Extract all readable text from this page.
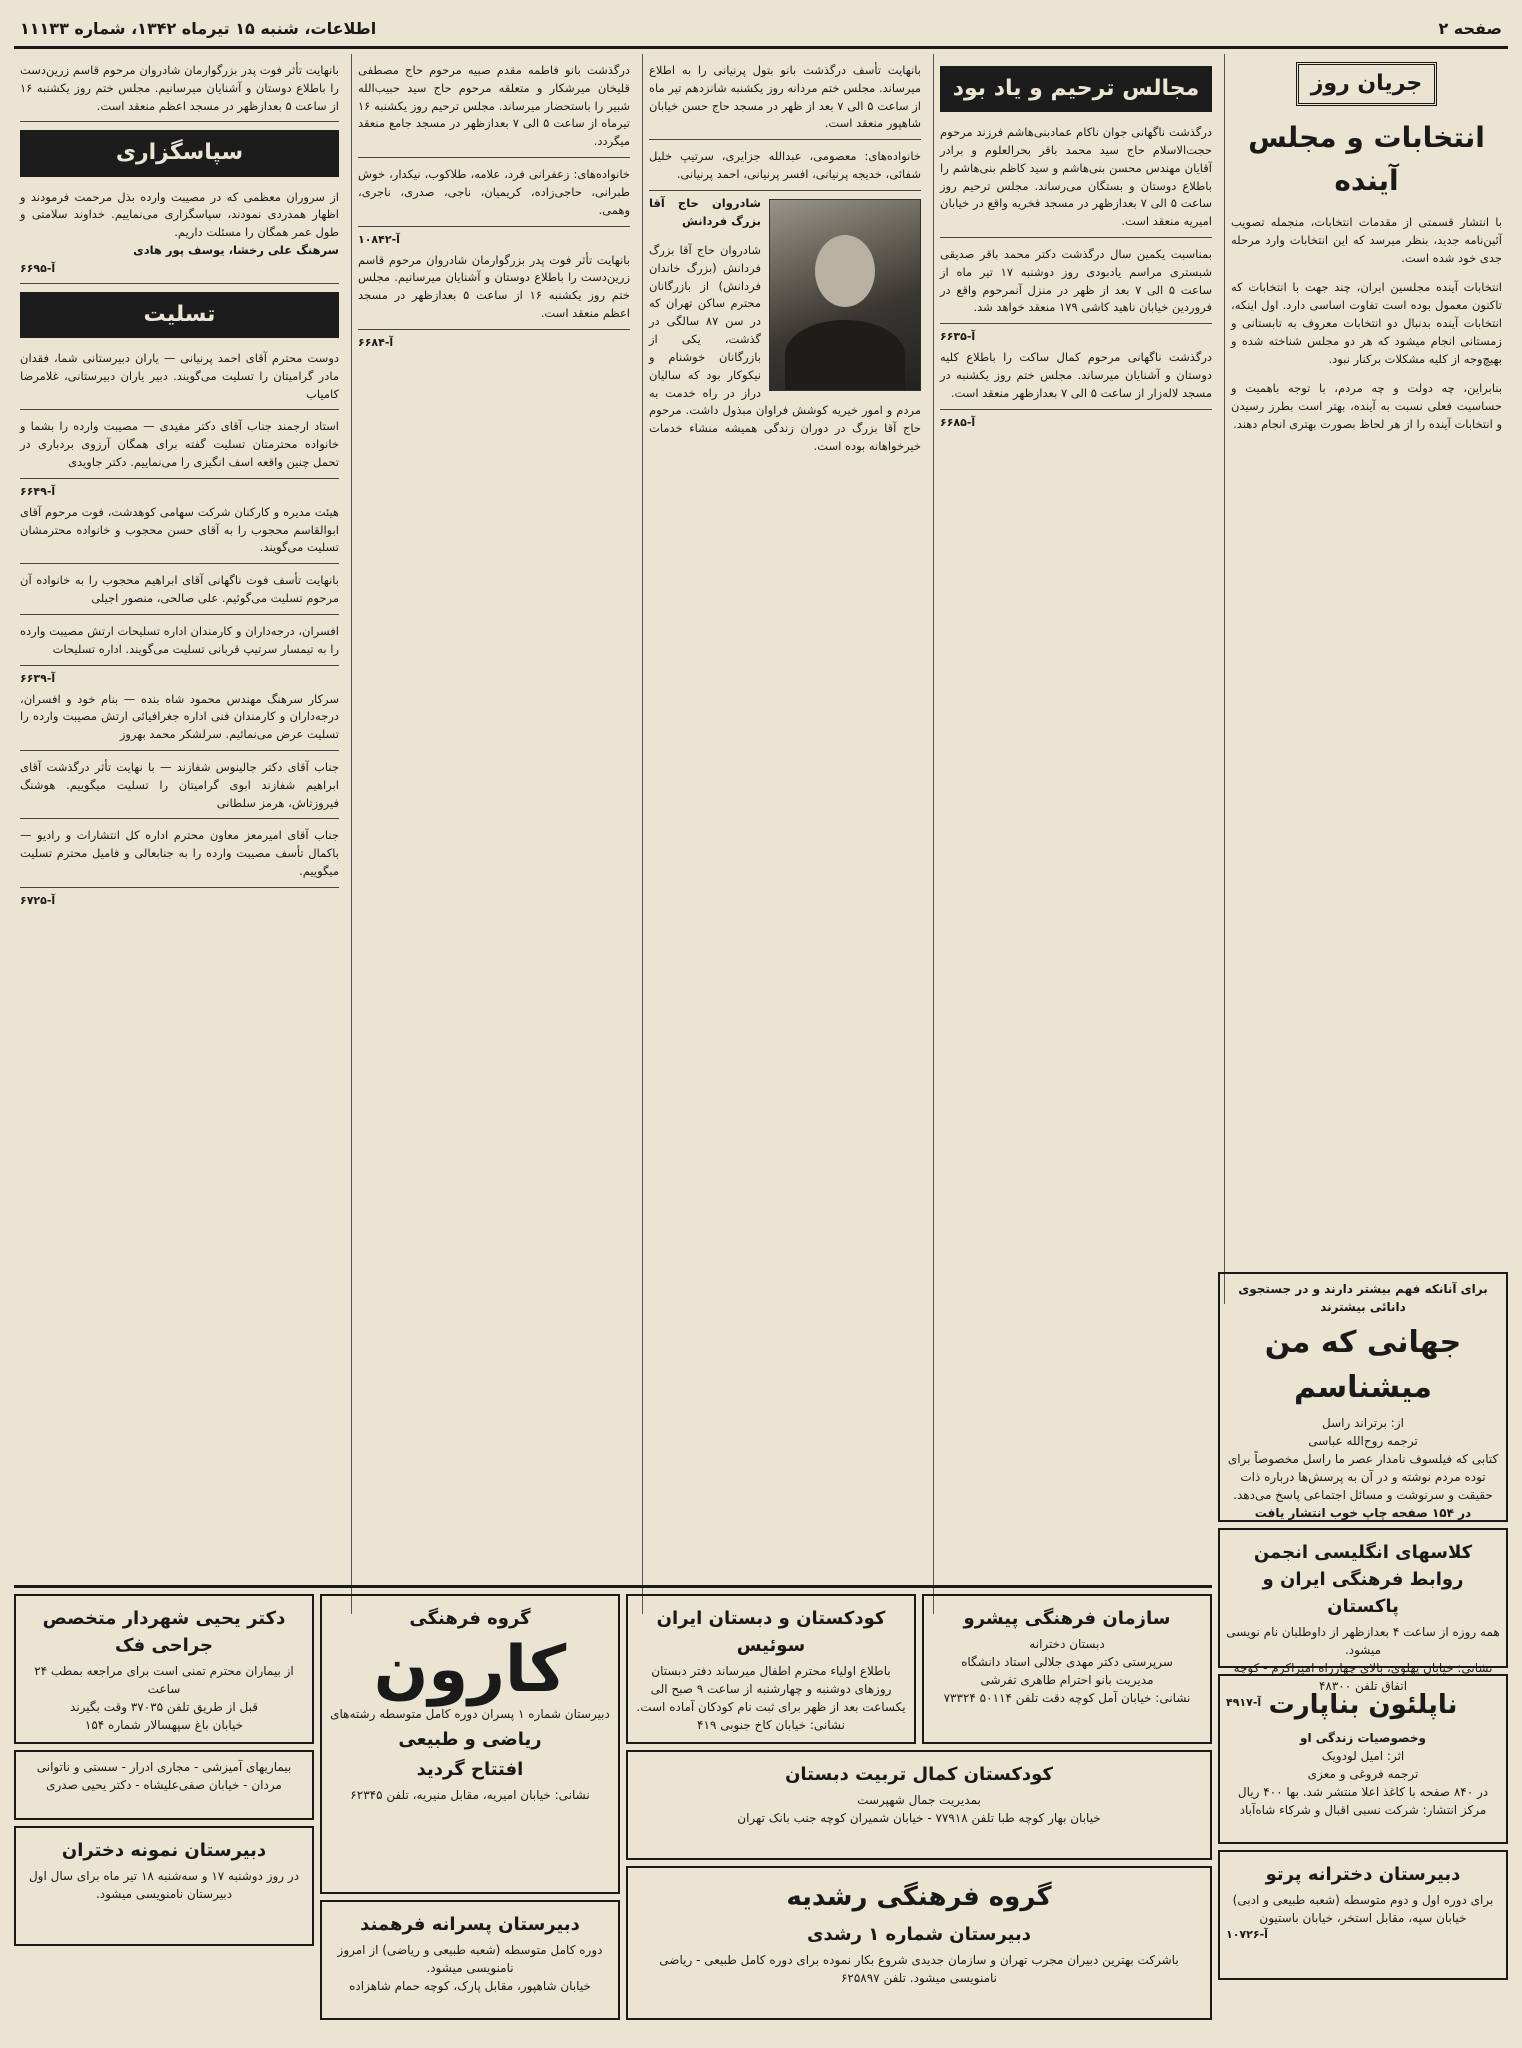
صفحه ۲
اطلاعات، شنبه ۱۵ تیرماه ۱۳۴۲، شماره ۱۱۱۳۳
جریان روز
انتخابات و مجلس آینده

با انتشار قسمتی از مقدمات انتخابات، منجمله تصویب آئین‌نامه جدید، بنظر میرسد که این انتخابات وارد مرحله جدی خود شده است.

انتخابات آینده مجلسین ایران، چند جهت با انتخابات که تاکنون معمول بوده است تفاوت اساسی دارد. اول اینکه، انتخابات آینده بدنبال دو انتخابات معروف به تابستانی و زمستانی انجام میشود که هر دو مجلس شناخته شده و بهیچ‌وجه از کلیه مشکلات برکنار نبود.

بنابراین، چه دولت و چه مردم، با توجه باهمیت و حساسیت فعلی نسبت به آینده، بهتر است بطرز رسیدن و انتخابات آینده را از هر لحاظ بصورت بهتری انجام دهند.

مجالس ترحیم و یاد بود
درگذشت ناگهانی جوان ناکام عمادبنی‌هاشم فرزند مرحوم حجت‌الاسلام حاج سید محمد باقر بحرالعلوم و برادر آقایان مهندس محسن بنی‌هاشم و سید کاظم بنی‌هاشم را باطلاع دوستان و بستگان می‌رساند. مجلس ترحیم روز ساعت ۵ الی ۷ بعدازظهر در مسجد فخریه واقع در خیابان امیریه منعقد است.
بمناسبت یکمین سال درگذشت دکتر محمد باقر صدیقی شبستری مراسم یادبودی روز دوشنبه ۱۷ تیر ماه از ساعت ۵ الی ۷ بعد از ظهر در منزل آنمرحوم واقع در فروردین خیابان ناهید کاشی ۱۷۹ منعقد خواهد شد.
آ-۶۶۳۵
درگذشت ناگهانی مرحوم کمال ساکت را باطلاع کلیه دوستان و آشنایان میرساند. مجلس ختم روز یکشنبه در مسجد لاله‌زار از ساعت ۵ الی ۷ بعدازظهر منعقد است.
آ-۶۶۸۵
بانهایت تأسف درگذشت بانو بتول پرنیانی را به اطلاع میرساند. مجلس ختم مردانه روز یکشنبه شانزدهم تیر ماه از ساعت ۵ الی ۷ بعد از ظهر در مسجد حاج حسن خیابان شاهپور منعقد است.
خانواده‌های: معصومی، عبدالله جزایری، سرتیپ خلیل شفائی، خدیجه پرنیانی، افسر پرنیانی، احمد پرنیانی.
شادروان حاج آقا بزرگ فردانش

شادروان حاج آقا بزرگ فردانش (بزرگ خاندان فردانش) از بازرگانان محترم ساکن تهران که در سن ۸۷ سالگی در گذشت، یکی از بازرگانان خوشنام و نیکوکار بود که سالیان دراز در راه خدمت به مردم و امور خیریه کوشش فراوان مبذول داشت. مرحوم حاج آقا بزرگ در دوران زندگی همیشه منشاء خدمات خیرخواهانه بوده است.

درگذشت بانو فاطمه مقدم صبیه مرحوم حاج مصطفی قلیخان میرشکار و متعلقه مرحوم حاج سید حبیب‌الله شبیر را باستحضار میرساند. مجلس ترحیم روز یکشنبه ۱۶ تیرماه از ساعت ۵ الی ۷ بعدازظهر در مسجد جامع منعقد میگردد.
خانواده‌های: زعفرانی فرد، علامه، طلاکوب، نیکدار، خوش طبرانی، حاجی‌زاده، کریمیان، ناجی، صدری، ناجری، وهمی.
آ-۱۰۸۴۲
بانهایت تأثر فوت پدر بزرگوارمان شادروان مرحوم قاسم زرین‌دست را باطلاع دوستان و آشنایان میرسانیم. مجلس ختم روز یکشنبه ۱۶ از ساعت ۵ بعدازظهر در مسجد اعظم منعقد است.
آ-۶۶۸۴
بانهایت تأثر فوت پدر بزرگوارمان شادروان مرحوم قاسم زرین‌دست را باطلاع دوستان و آشنایان میرسانیم. مجلس ختم روز یکشنبه ۱۶ از ساعت ۵ بعدازظهر در مسجد اعظم منعقد است.
سپاسگزاری
از سروران معظمی که در مصیبت وارده بذل مرحمت فرمودند و اظهار همدردی نمودند، سپاسگزاری می‌نماییم. خداوند سلامتی و طول عمر همگان را مسئلت داریم.
سرهنگ علی رخشا، یوسف پور هادی
آ-۶۶۹۵
تسلیت
دوست محترم آقای احمد پرنیانی — یاران دبیرستانی شما، فقدان مادر گرامیتان را تسلیت می‌گویند. دبیر یاران دبیرستانی، غلامرضا کامیاب
استاد ارجمند جناب آقای دکتر مفیدی — مصیبت وارده را بشما و خانواده محترمتان تسلیت گفته برای همگان آرزوی بردباری در تحمل چنین واقعه اسف انگیزی را می‌نماییم. دکتر جاویدی
آ-۶۶۴۹
هیئت مدیره و کارکنان شرکت سهامی کوهدشت، فوت مرحوم آقای ابوالقاسم محجوب را به آقای حسن محجوب و خانواده محترمشان تسلیت می‌گویند.
بانهایت تأسف فوت ناگهانی آقای ابراهیم محجوب را به خانواده آن مرحوم تسلیت می‌گوئیم. علی صالحی، منصور اجیلی
افسران، درجه‌داران و کارمندان اداره تسلیحات ارتش مصیبت وارده را به تیمسار سرتیپ قربانی تسلیت می‌گویند. اداره تسلیحات
آ-۶۶۳۹
سرکار سرهنگ مهندس محمود شاه بنده — بنام خود و افسران، درجه‌داران و کارمندان فنی اداره جغرافیائی ارتش مصیبت وارده را تسلیت عرض می‌نمائیم. سرلشکر محمد بهروز
جناب آقای دکتر جالینوس شفازند — با نهایت تأثر درگذشت آقای ابراهیم شفازند ابوی گرامیتان را تسلیت میگوییم. هوشنگ فیروزتاش، هرمز سلطانی
جناب آقای امیرمعز معاون محترم اداره کل انتشارات و رادیو — باکمال تأسف مصیبت وارده را به جنابعالی و فامیل محترم تسلیت میگوییم.
آ-۶۷۲۵
برای آنانکه فهم بیشتر دارند و در جستجوی دانائی بیشترند
جهانی که من میشناسم
از: برتراند راسل
ترجمه روح‌الله عباسی
کتابی که فیلسوف نامدار عصر ما راسل مخصوصاً برای توده مردم نوشته و در آن به پرسش‌ها درباره ذات حقیقت و سرنوشت و مسائل اجتماعی پاسخ می‌دهد.
در ۱۵۴ صفحه چاپ خوب انتشار یافت
کلاسهای انگلیسی انجمن روابط فرهنگی ایران و پاکستان
همه روزه از ساعت ۴ بعدازظهر از داوطلبان نام نویسی میشود.
نشانی: خیابان پهلوی، بالای چهارراه امیراکرم - کوچه اتفاق تلفن ۴۸۳۰۰
آ-۴۹۱۷ ناپلئون بناپارت
وخصوصیات زندگی او
اثر: امیل لودویک
ترجمه فروغی و معزی
در ۸۴۰ صفحه با کاغذ اعلا منتشر شد. بها ۴۰۰ ریال
مرکز انتشار: شرکت نسبی اقبال و شرکاء شاه‌آباد
دبیرستان دخترانه پرتو
برای دوره اول و دوم متوسطه (شعبه طبیعی و ادبی)
خیابان سپه، مقابل استخر، خیابان باستیون
آ-۱۰۷۲۶
سازمان فرهنگی پیشرو
دبستان دخترانه
سرپرستی دکتر مهدی جلالی استاد دانشگاه
مدیریت بانو احترام طاهری تفرشی
نشانی: خیابان آمل کوچه دقت تلفن ۵۰۱۱۴ ۷۳۳۲۴
کودکستان و دبستان ایران سوئیس
باطلاع اولیاء محترم اطفال میرساند دفتر دبستان روزهای دوشنبه و چهارشنبه از ساعت ۹ صبح الی یکساعت بعد از ظهر برای ثبت نام کودکان آماده است. نشانی: خیابان کاخ جنوبی ۴۱۹
گروه فرهنگی
کارون
دبیرستان شماره ۱ پسران دوره کامل متوسطه رشته‌های
ریاضی و طبیعی
افتتاح گردید
نشانی: خیابان امیریه، مقابل منیریه، تلفن ۶۲۳۴۵
دکتر یحیی شهردار متخصص جراحی فک
از بیماران محترم تمنی است برای مراجعه بمطب ۲۴ ساعت
قبل از طریق تلفن ۳۷۰۳۵ وقت بگیرند
خیابان باغ سپهسالار شماره ۱۵۴
بیماریهای آمیزشی - مجاری ادرار - سستی و ناتوانی مردان - خیابان صفی‌علیشاه - دکتر یحیی صدری
دبیرستان نمونه دختران
در روز دوشنبه ۱۷ و سه‌شنبه ۱۸ تیر ماه برای سال اول دبیرستان نامنویسی میشود.
دبیرستان پسرانه فرهمند
دوره کامل متوسطه (شعبه طبیعی و ریاضی) از امروز نامنویسی میشود.
خیابان شاهپور، مقابل پارک، کوچه حمام شاهزاده
کودکستان کمال تربیت دبستان
بمدیریت جمال شهپرست
خیابان بهار کوچه طبا تلفن ۷۷۹۱۸ - خیابان شمیران کوچه جنب بانک تهران
گروه فرهنگی رشدیه
دبیرستان شماره ۱ رشدی
باشرکت بهترین دبیران مجرب تهران و سازمان جدیدی شروع بکار نموده برای دوره کامل طبیعی - ریاضی نامنویسی میشود. تلفن ۶۲۵۸۹۷
